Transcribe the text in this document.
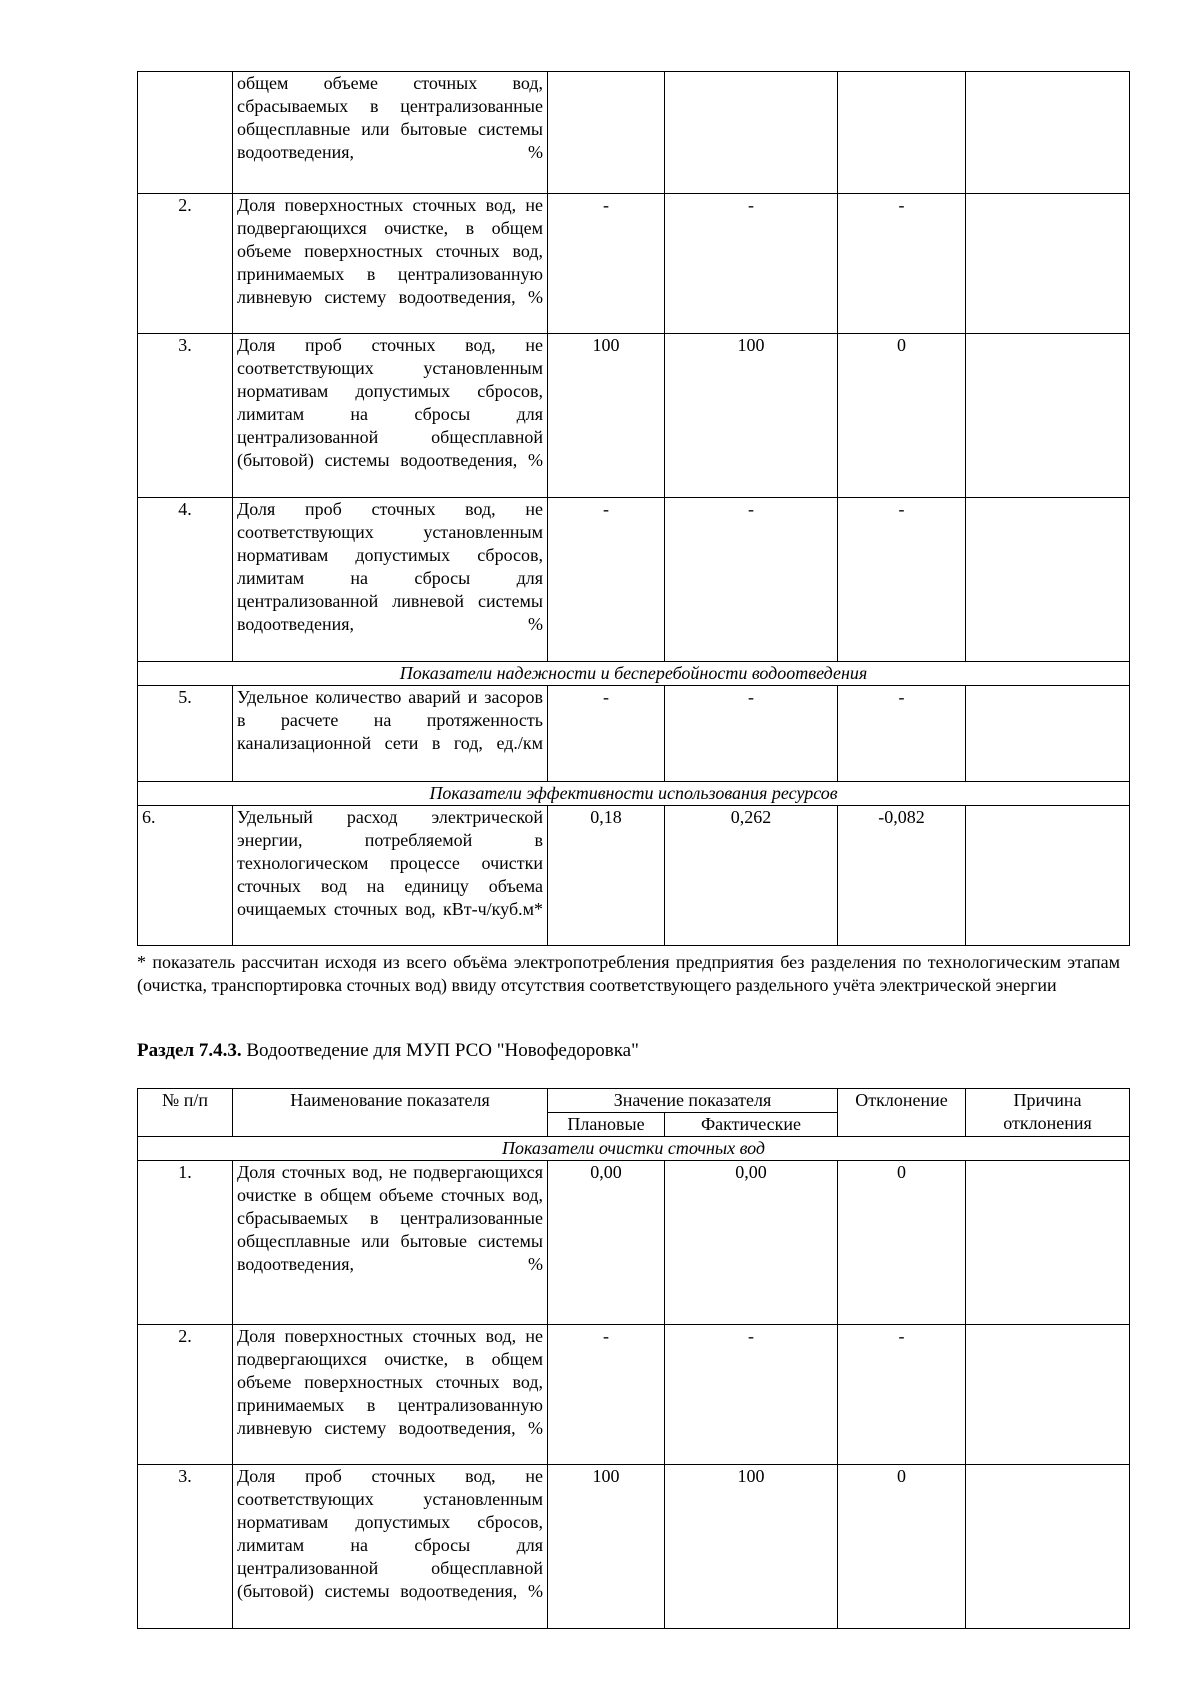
	общем объеме сточных вод, сбрасываемых в централизованные общесплавные или бытовые системы водоотведения, %				
2.	Доля поверхностных сточных вод, не подвергающихся очистке, в общем объеме поверхностных сточных вод, принимаемых в централизованную ливневую систему водоотведения, %	-	-	-	
3.	Доля проб сточных вод, не соответствующих установленным нормативам допустимых сбросов, лимитам на сбросы для централизованной общесплавной (бытовой) системы водоотведения, %	100	100	0	
4.	Доля проб сточных вод, не соответствующих установленным нормативам допустимых сбросов, лимитам на сбросы для централизованной ливневой системы водоотведения, %	-	-	-	
Показатели надежности и бесперебойности водоотведения					
5.	Удельное количество аварий и засоров в расчете на протяженность канализационной сети в год, ед./км	-	-	-	
Показатели эффективности использования ресурсов					
6.	Удельный расход электрической энергии, потребляемой в технологическом процессе очистки сточных вод на единицу объема очищаемых сточных вод, кВт-ч/куб.м*	0,18	0,262	-0,082	
* показатель рассчитан исходя из всего объёма электропотребления предприятия без разделения по технологическим этапам (очистка, транспортировка сточных вод) ввиду отсутствия соответствующего раздельного учёта электрической энергии
Раздел 7.4.3. Водоотведение для МУП РСО "Новофедоровка"
№ п/п	Наименование показателя	Значение показателя		Отклонение	Причина отклонения
		Плановые	Фактические		
Показатели очистки сточных вод					
1.	Доля сточных вод, не подвергающихся очистке в общем объеме сточных вод, сбрасываемых в централизованные общесплавные или бытовые системы водоотведения, %	0,00	0,00	0	
2.	Доля поверхностных сточных вод, не подвергающихся очистке, в общем объеме поверхностных сточных вод, принимаемых в централизованную ливневую систему водоотведения, %	-	-	-	
3.	Доля проб сточных вод, не соответствующих установленным нормативам допустимых сбросов, лимитам на сбросы для централизованной общесплавной (бытовой) системы водоотведения, %	100	100	0	
